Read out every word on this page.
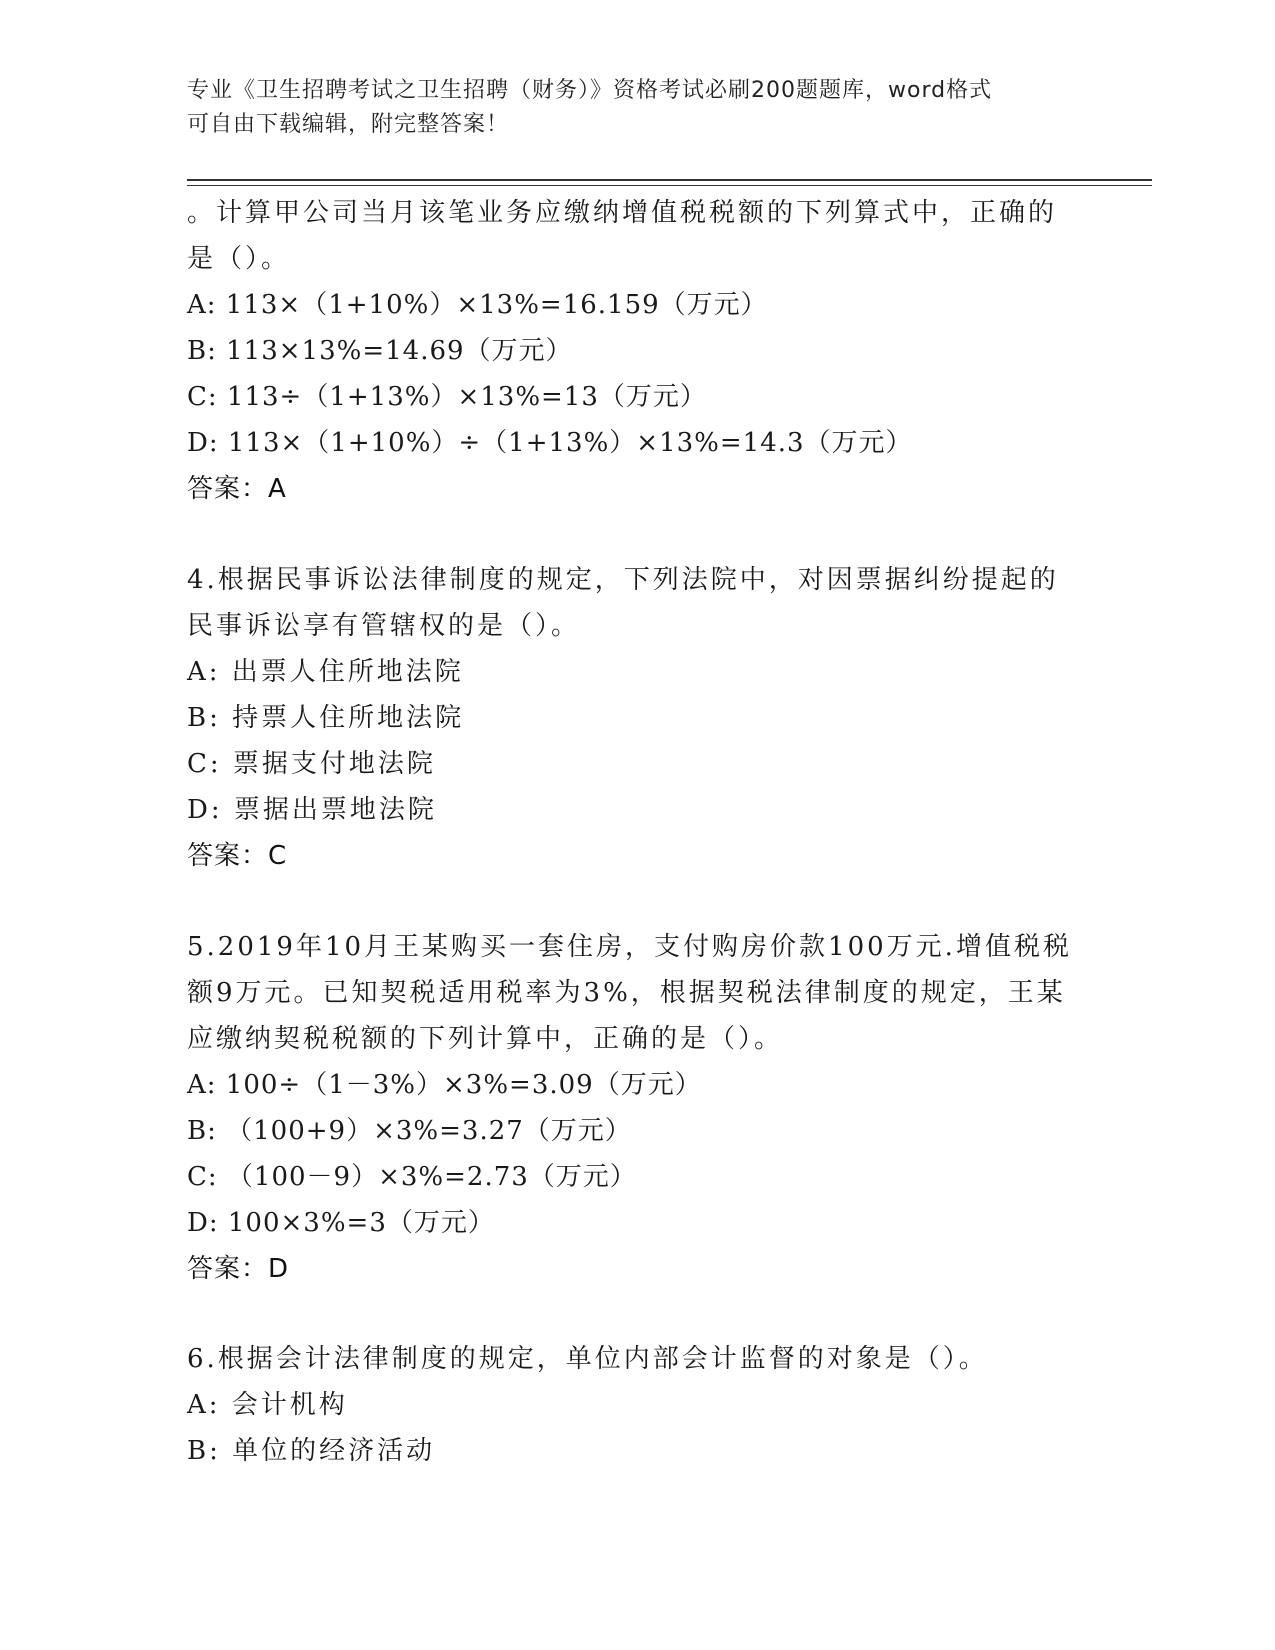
专业《卫生招聘考试之卫生招聘（财务）》资格考试必刷200题题库，word格式
可自由下载编辑，附完整答案！
。计算甲公司当月该笔业务应缴纳增值税税额的下列算式中，正确的
是（）。
A: 113×（1+10%）×13%=16.159（万元）
B: 113×13%=14.69（万元）
C: 113÷（1+13%）×13%=13（万元）
D: 113×（1+10%）÷（1+13%）×13%=14.3（万元）
答案：A
4.根据民事诉讼法律制度的规定，下列法院中，对因票据纠纷提起的
民事诉讼享有管辖权的是（）。
A: 出票人住所地法院
B: 持票人住所地法院
C: 票据支付地法院
D: 票据出票地法院
答案：C
5.2019年10月王某购买一套住房，支付购房价款100万元.增值税税
额9万元。已知契税适用税率为3%，根据契税法律制度的规定，王某
应缴纳契税税额的下列计算中，正确的是（）。
A: 100÷（1－3%）×3%=3.09（万元）
B: （100+9）×3%=3.27（万元）
C: （100－9）×3%=2.73（万元）
D: 100×3%=3（万元）
答案：D
6.根据会计法律制度的规定，单位内部会计监督的对象是（）。
A: 会计机构
B: 单位的经济活动
